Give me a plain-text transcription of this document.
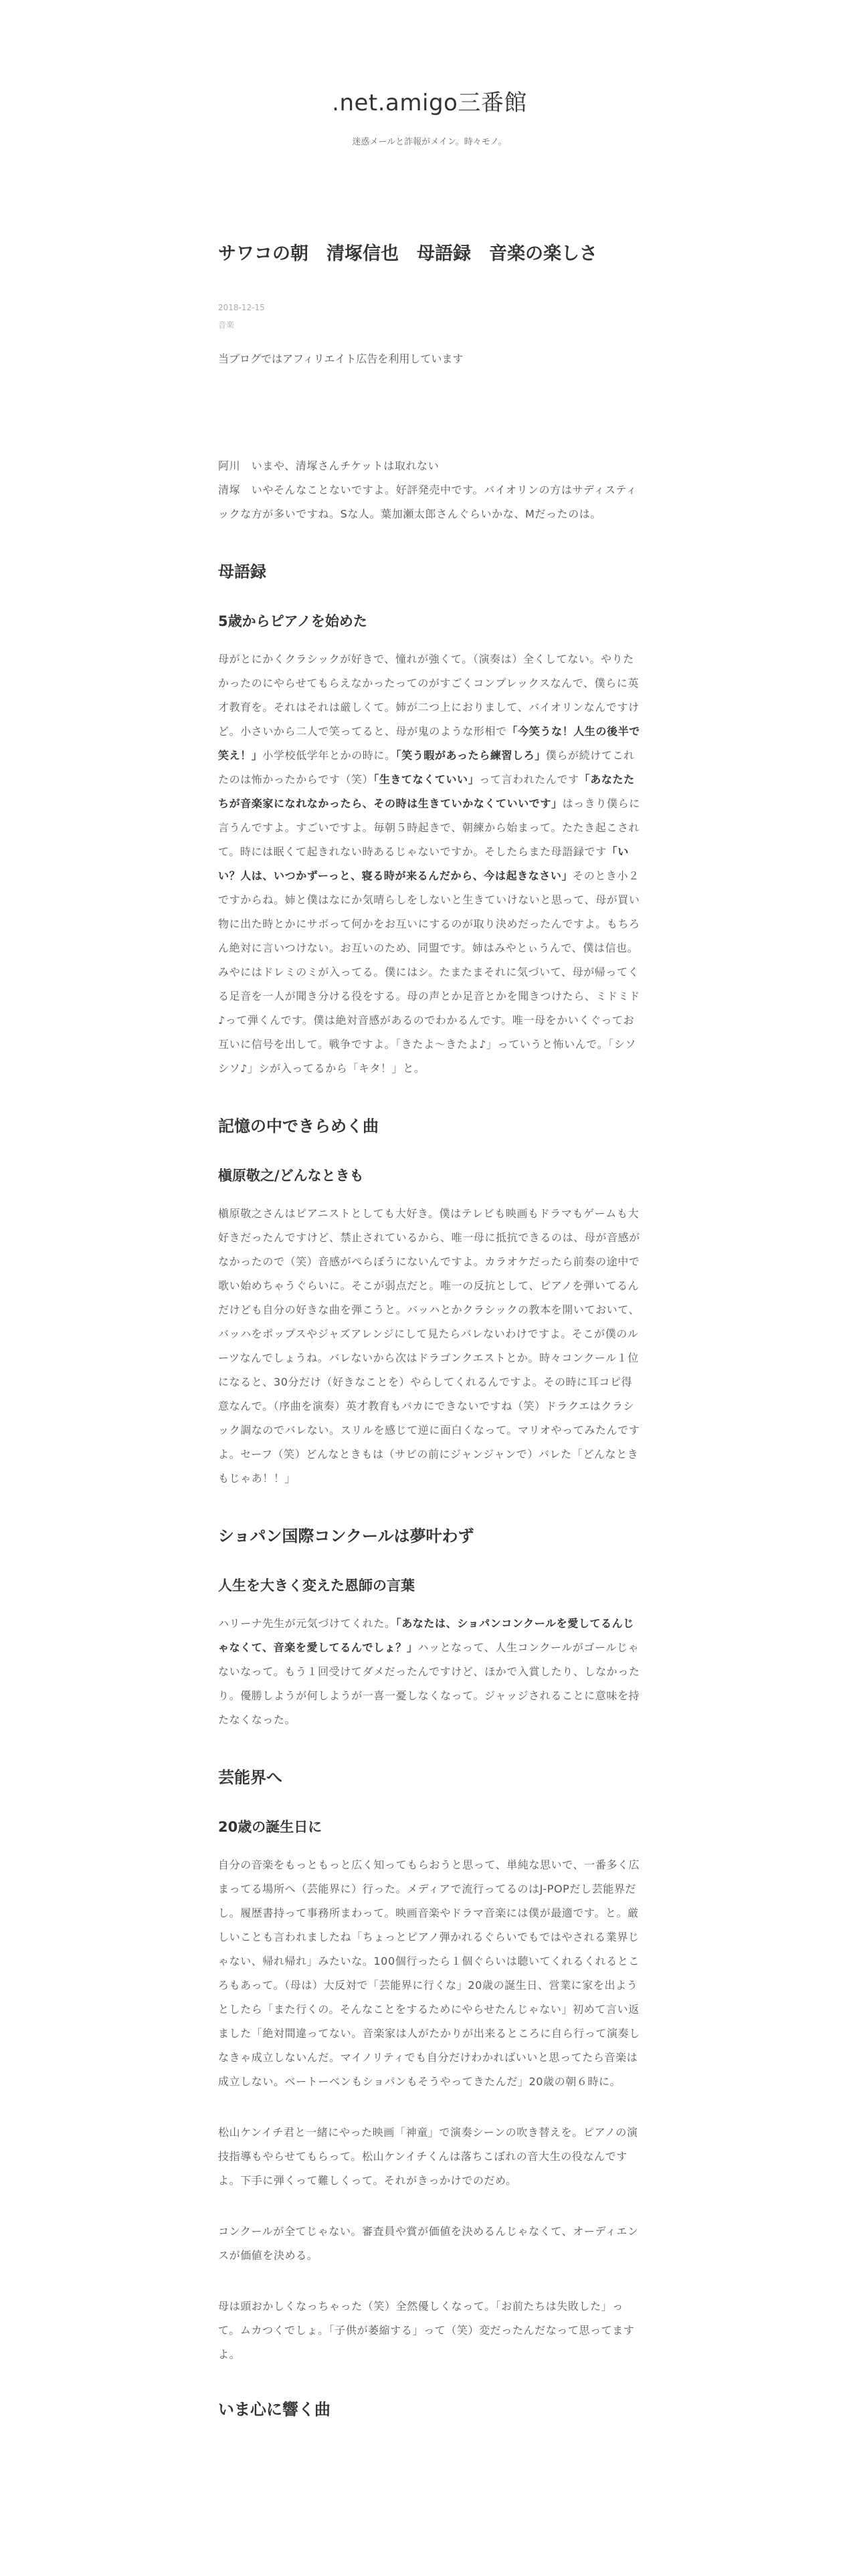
.net.amigo三番館
迷惑メールと詐報がメイン。時々モノ。
サワコの朝　清塚信也　母語録　音楽の楽しさ
2018-12-15
音楽
当ブログではアフィリエイト広告を利用しています

阿川　いまや、清塚さんチケットは取れない
清塚　いやそんなことないですよ。好評発売中です。バイオリンの方はサディスティックな方が多いですね。Sな人。葉加瀬太郎さんぐらいかな、Mだったのは。

母語録
5歳からピアノを始めた

母がとにかくクラシックが好きで、憧れが強くて。（演奏は）全くしてない。やりたかったのにやらせてもらえなかったってのがすごくコンプレックスなんで、僕らに英才教育を。それはそれは厳しくて。姉が二つ上におりまして、バイオリンなんですけど。小さいから二人で笑ってると、母が鬼のような形相で「今笑うな！人生の後半で笑え！」小学校低学年とかの時に。「笑う暇があったら練習しろ」僕らが続けてこれたのは怖かったからです（笑）「生きてなくていい」って言われたんです「あなたたちが音楽家になれなかったら、その時は生きていかなくていいです」はっきり僕らに言うんですよ。すごいですよ。毎朝５時起きで、朝練から始まって。たたき起こされて。時には眠くて起きれない時あるじゃないですか。そしたらまた母語録です「いい？人は、いつかずーっと、寝る時が来るんだから、今は起きなさい」そのとき小２ですからね。姉と僕はなにか気晴らしをしないと生きていけないと思って、母が買い物に出た時とかにサボって何かをお互いにするのが取り決めだったんですよ。もちろん絶対に言いつけない。お互いのため、同盟です。姉はみやとぃうんで、僕は信也。みやにはドレミのミが入ってる。僕にはシ。たまたまそれに気づいて、母が帰ってくる足音を一人が聞き分ける役をする。母の声とか足音とかを聞きつけたら、ミドミド♪って弾くんです。僕は絶対音感があるのでわかるんです。唯一母をかいくぐってお互いに信号を出して。戦争ですよ。「きたよ〜きたよ♪」っていうと怖いんで。「シソシソ♪」シが入ってるから「キタ！」と。

記憶の中できらめく曲
槇原敬之/どんなときも

槇原敬之さんはピアニストとしても大好き。僕はテレビも映画もドラマもゲームも大好きだったんですけど、禁止されているから、唯一母に抵抗できるのは、母が音感がなかったので（笑）音感がぺらぼうにないんですよ。カラオケだったら前奏の途中で歌い始めちゃうぐらいに。そこが弱点だと。唯一の反抗として、ピアノを弾いてるんだけども自分の好きな曲を弾こうと。バッハとかクラシックの教本を開いておいて、バッハをポップスやジャズアレンジにして見たらバレないわけですよ。そこが僕のルーツなんでしょうね。バレないから次はドラゴンクエストとか。時々コンクール１位になると、30分だけ（好きなことを）やらしてくれるんですよ。その時に耳コピ得意なんで。（序曲を演奏）英才教育もバカにできないですね（笑）ドラクエはクラシック調なのでバレない。スリルを感じて逆に面白くなって。マリオやってみたんですよ。セーフ（笑）どんなときもは（サビの前にジャンジャンで）バレた「どんなときもじゃあ！！」

ショパン国際コンクールは夢叶わず
人生を大きく変えた恩師の言葉

ハリーナ先生が元気づけてくれた。「あなたは、ショパンコンクールを愛してるんじゃなくて、音楽を愛してるんでしょ？」ハッとなって、人生コンクールがゴールじゃないなって。もう１回受けてダメだったんですけど、ほかで入賞したり、しなかったり。優勝しようが何しようが一喜一憂しなくなって。ジャッジされることに意味を持たなくなった。

芸能界へ
20歳の誕生日に

自分の音楽をもっともっと広く知ってもらおうと思って、単純な思いで、一番多く広まってる場所へ（芸能界に）行った。メディアで流行ってるのはJ-POPだし芸能界だし。履歴書持って事務所まわって。映画音楽やドラマ音楽には僕が最適です。と。厳しいことも言われましたね「ちょっとピアノ弾かれるぐらいでもではやされる業界じゃない、帰れ帰れ」みたいな。100個行ったら１個ぐらいは聴いてくれるくれるところもあって。（母は）大反対で「芸能界に行くな」20歳の誕生日、営業に家を出ようとしたら「また行くの。そんなことをするためにやらせたんじゃない」初めて言い返ました「絶対間違ってない。音楽家は人がたかりが出来るところに自ら行って演奏しなきゃ成立しないんだ。マイノリティでも自分だけわかればいいと思ってたら音楽は成立しない。ベートーベンもショパンもそうやってきたんだ」20歳の朝６時に。

松山ケンイチ君と一緒にやった映画「神童」で演奏シーンの吹き替えを。ピアノの演技指導もやらせてもらって。松山ケンイチくんは落ちこぼれの音大生の役なんですよ。下手に弾くって難しくって。それがきっかけでのだめ。

コンクールが全てじゃない。審査員や賞が価値を決めるんじゃなくて、オーディエンスが価値を決める。

母は頭おかしくなっちゃった（笑）全然優しくなって。「お前たちは失敗した」って。ムカつくでしょ。「子供が萎縮する」って（笑）変だったんだなって思ってますよ。

いま心に響く曲
